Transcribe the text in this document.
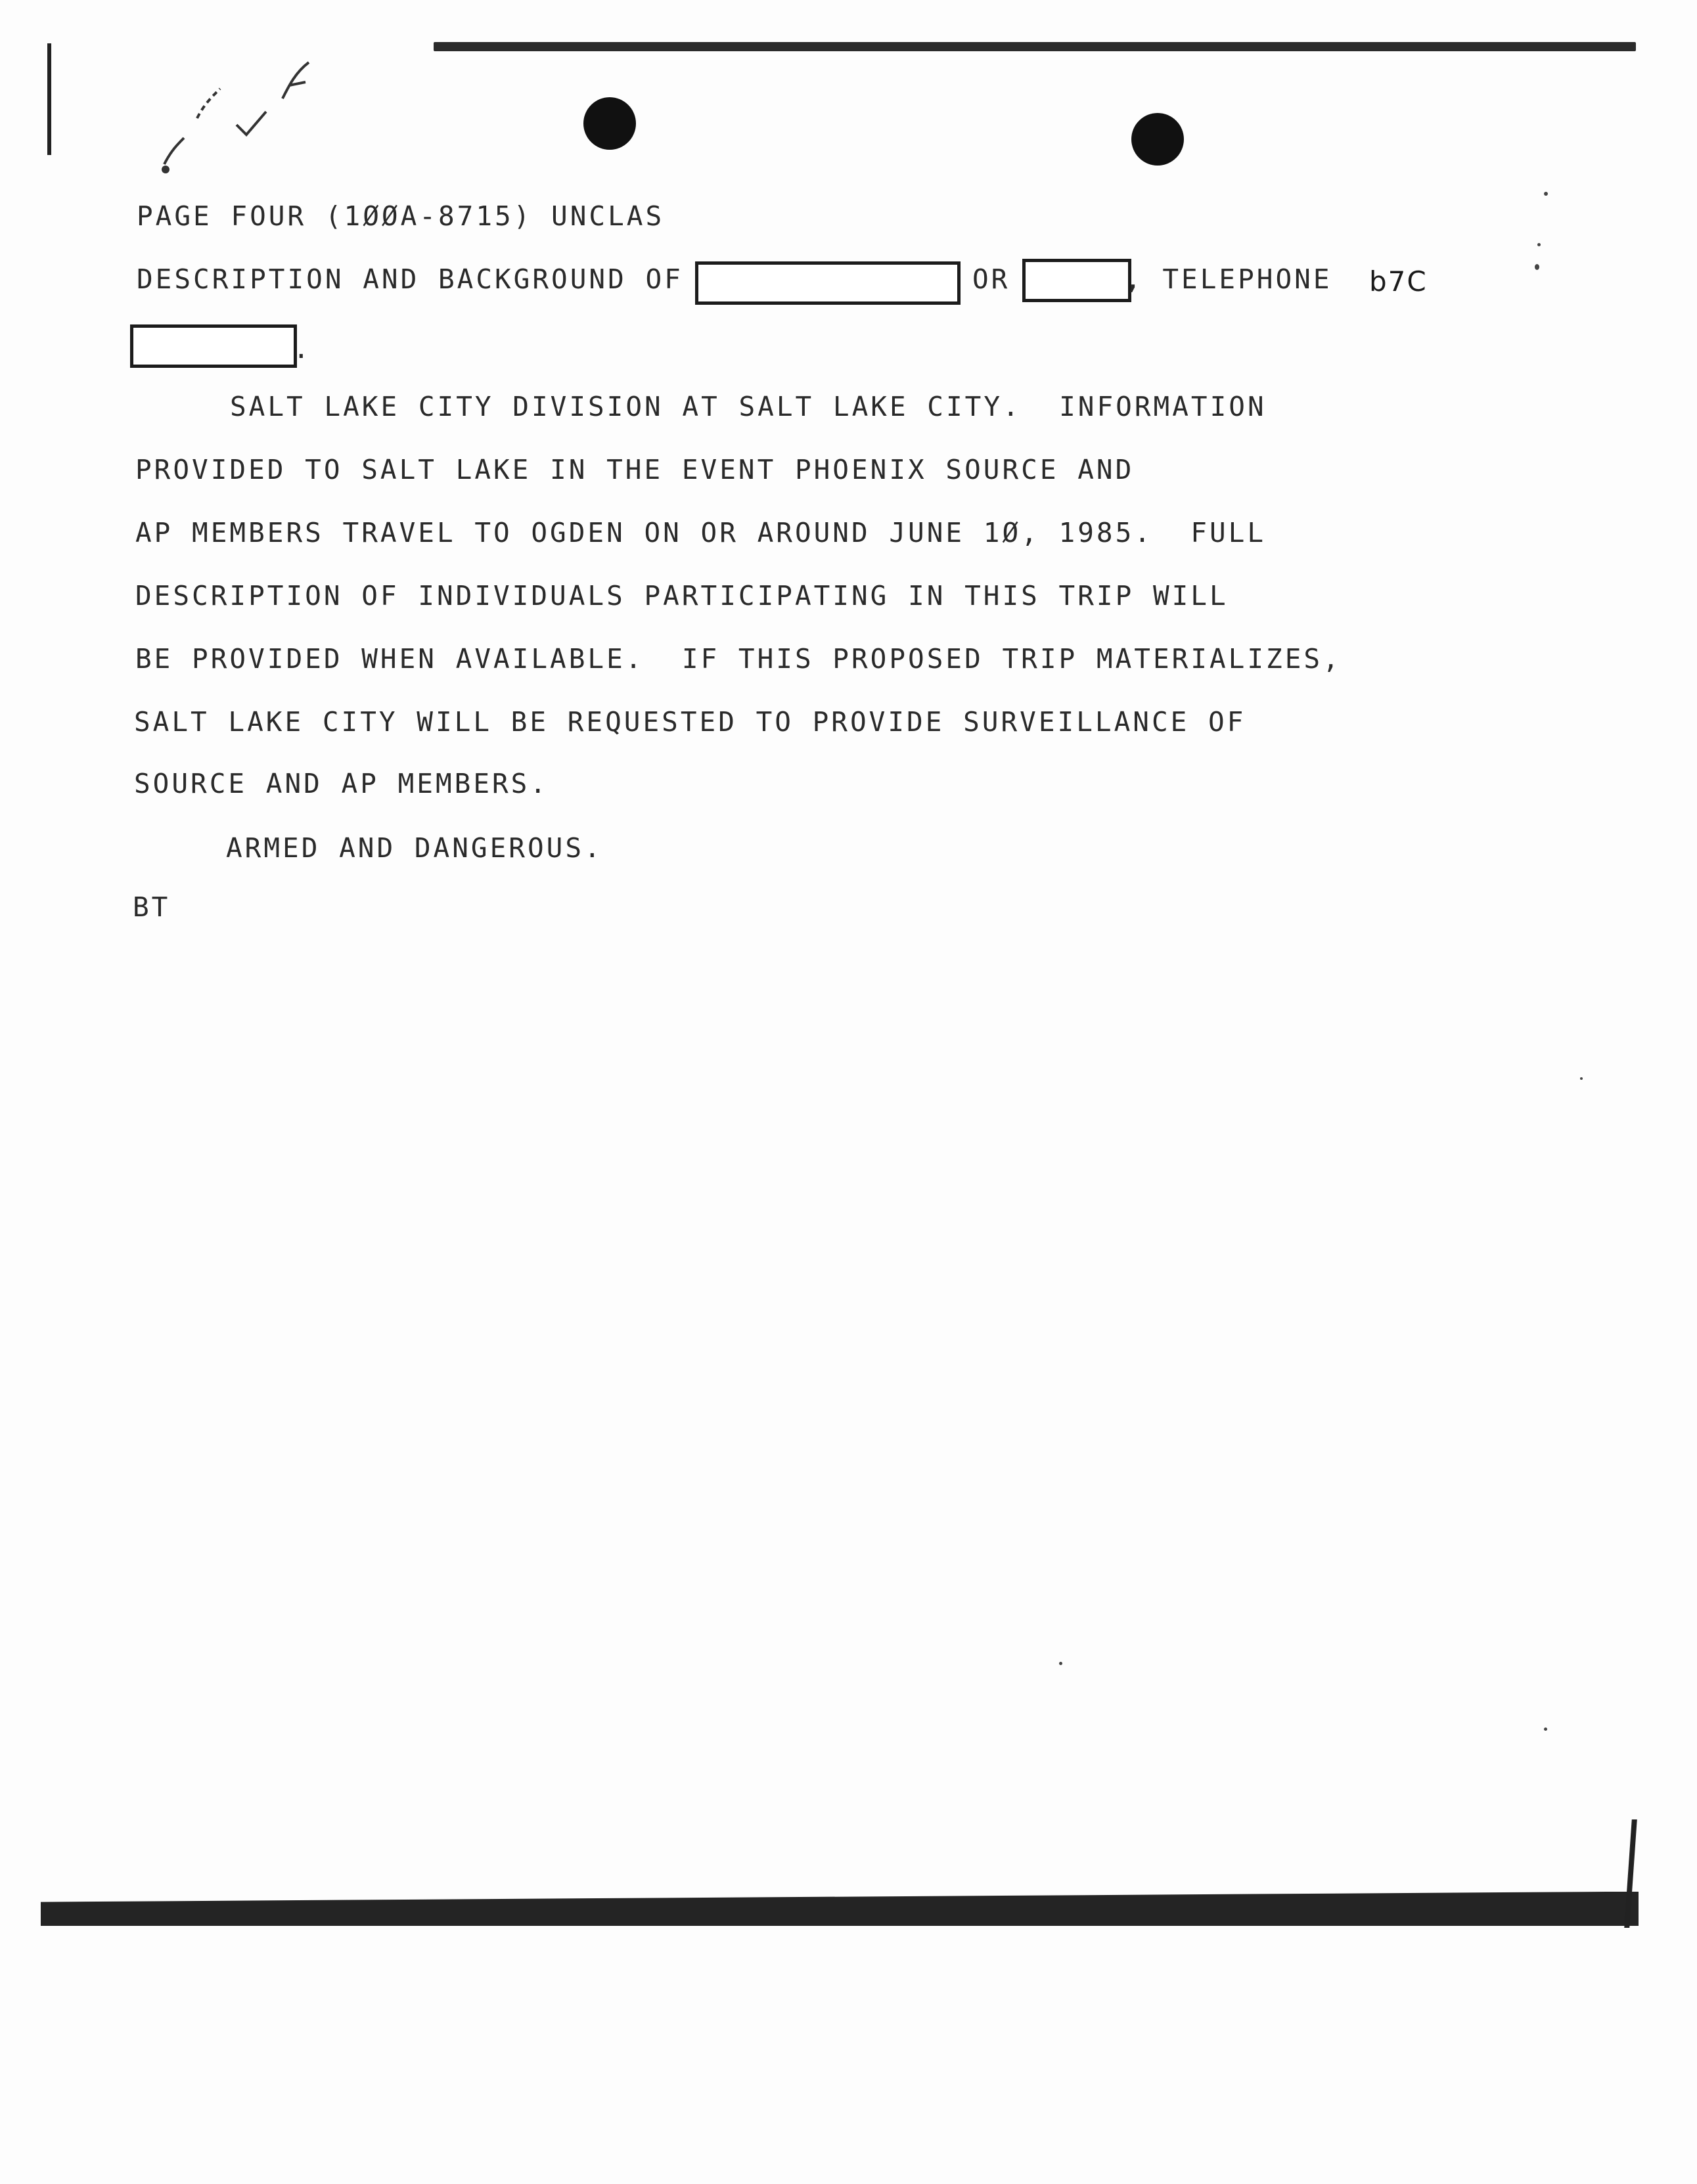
PAGE FOUR (1ØØA-8715) UNCLAS
DESCRIPTION AND BACKGROUND OF	OR	, TELEPHONE b7C
.
SALT LAKE CITY DIVISION AT SALT LAKE CITY.  INFORMATION
PROVIDED TO SALT LAKE IN THE EVENT PHOENIX SOURCE AND
AP MEMBERS TRAVEL TO OGDEN ON OR AROUND JUNE 1Ø, 1985.  FULL
DESCRIPTION OF INDIVIDUALS PARTICIPATING IN THIS TRIP WILL
BE PROVIDED WHEN AVAILABLE.  IF THIS PROPOSED TRIP MATERIALIZES,
SALT LAKE CITY WILL BE REQUESTED TO PROVIDE SURVEILLANCE OF
SOURCE AND AP MEMBERS.
ARMED AND DANGEROUS.
BT
